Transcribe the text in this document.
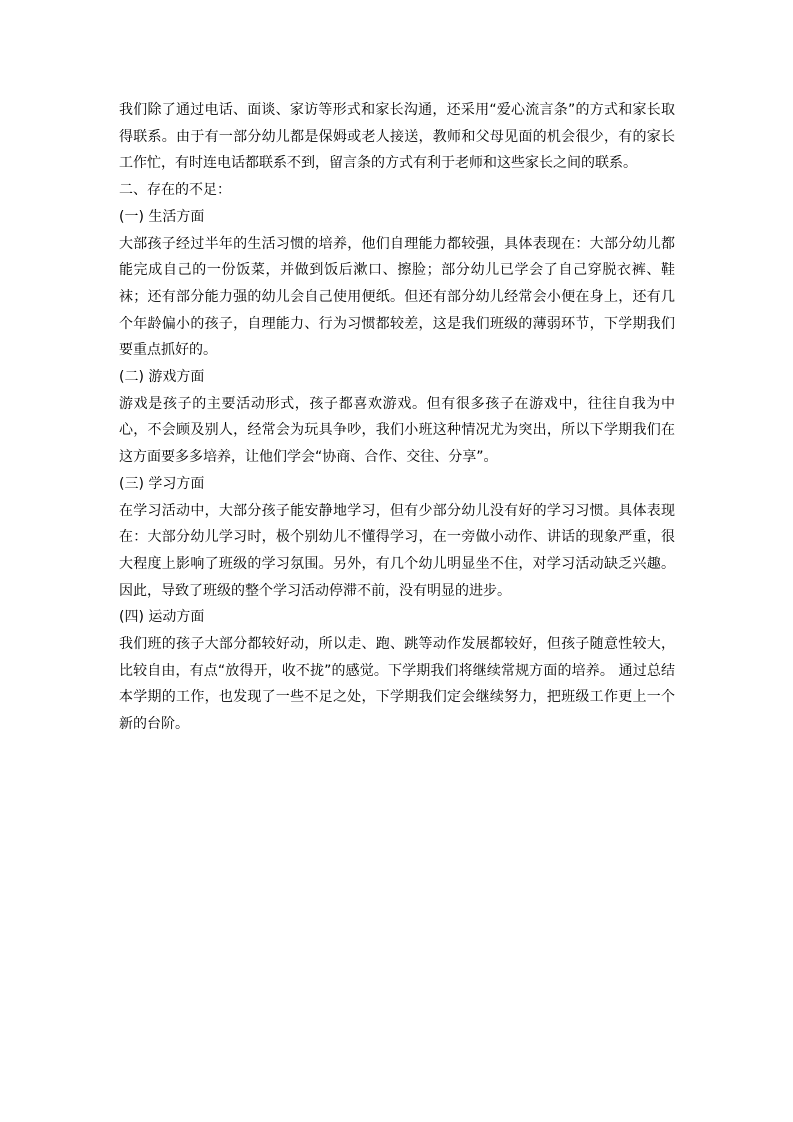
我们除了通过电话、面谈、家访等形式和家长沟通，还采用“爱心流言条”的方式和家长取得联系。由于有一部分幼儿都是保姆或老人接送，教师和父母见面的机会很少，有的家长工作忙，有时连电话都联系不到，留言条的方式有利于老师和这些家长之间的联系。

二、存在的不足：

(一) 生活方面

大部孩子经过半年的生活习惯的培养，他们自理能力都较强，具体表现在：大部分幼儿都能完成自己的一份饭菜，并做到饭后漱口、擦脸；部分幼儿已学会了自己穿脱衣裤、鞋袜；还有部分能力强的幼儿会自己使用便纸。但还有部分幼儿经常会小便在身上，还有几个年龄偏小的孩子，自理能力、行为习惯都较差，这是我们班级的薄弱环节，下学期我们要重点抓好的。

(二) 游戏方面

游戏是孩子的主要活动形式，孩子都喜欢游戏。但有很多孩子在游戏中，往往自我为中心，不会顾及别人，经常会为玩具争吵，我们小班这种情况尤为突出，所以下学期我们在这方面要多多培养，让他们学会“协商、合作、交往、分享”。

(三) 学习方面

在学习活动中，大部分孩子能安静地学习，但有少部分幼儿没有好的学习习惯。具体表现在：大部分幼儿学习时，极个别幼儿不懂得学习，在一旁做小动作、讲话的现象严重，很大程度上影响了班级的学习氛围。另外，有几个幼儿明显坐不住，对学习活动缺乏兴趣。因此，导致了班级的整个学习活动停滞不前，没有明显的进步。

(四) 运动方面

我们班的孩子大部分都较好动，所以走、跑、跳等动作发展都较好，但孩子随意性较大，比较自由，有点“放得开，收不拢”的感觉。下学期我们将继续常规方面的培养。 通过总结本学期的工作，也发现了一些不足之处，下学期我们定会继续努力，把班级工作更上一个新的台阶。
